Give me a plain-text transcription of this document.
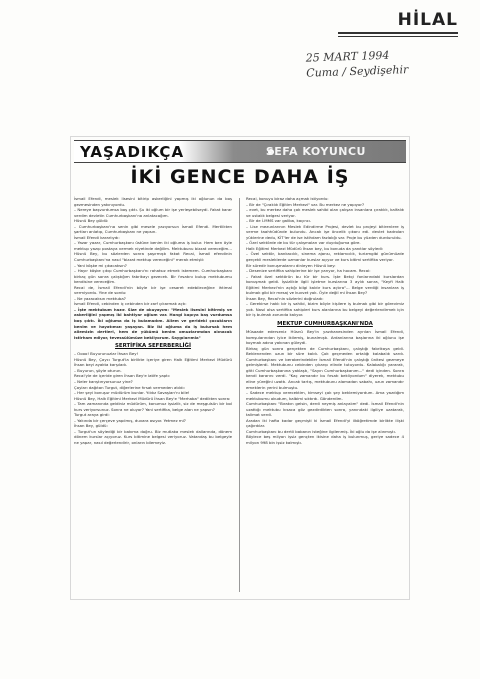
HİLAL
25 MART 1994
Cuma / Seydişehir
YAŞADIKÇA	SEFA KOYUNCU
İKİ GENCE DAHA İŞ

İsmail Efendi, meslek lisesini bitirip askerliğini yapmış iki oğlunun da boş gezmesinden yakınıyordu.

– Nereye başvurdumsa boş çıktı. Şu iki oğlum bir işe yerleşebilseydi. Fakat karar verdim devletin Cumhurbaşkanı'na anlatacağım.

Hüsnü Bey güldü:

– Cumhurbaşkanı'na senin gibi mesele yazıyorsun İsmail Efendi. Mertlikten şartları anlatıp, Cumhurbaşkanı ne yapsın.

İsmail Efendi kararlıydı:

– Yazar yazar, Cumhurbaşkanı üstüne benim iki oğluma iş bulur. Hem ben öyle mektup yazıp postaya vermek niyetinde değilim. Mektubunu bizzat vereceğim... Hüsnü Bey, bu sözlerden sonra şaşırmıştı fakat Recai, İsmail efendinin Cumhurbaşkanı'na nasıl "bizzat mektup vereceğini" merak etmişti:

– Yani köşke mi çıkacaksın?

– Hayır köşke çıkıp Cumhurbaşkanı'nı rahatsız etmek istemem. Cumhurbaşkanı birkaç gün sonra çalıştığım fabrikayı gezecek. Bir fırsatını bulup mektubumu kendisine vereceğim.

Recai de, İsmail Efendi'nin böyle bir işe cesaret edebileceğine ihtimal vermiyordu. Yine de sordu:

– Ne yazacaksın mektuba?

İsmail Efendi, cebinden iç cebinden bir zarf çıkarmak açtı:

– İşte mektubum hazır. Size de okuyayım: "Meslek lisesini bitirmiş ve askerliğini yapmış iki bahtiyar oğlum var. Hangi kapıya baş vurdumsa boş çıktı. İki oğluma da iş bulamadım. Ailem ve gerideki çocukların benim ve hayatımızı yaşayan. Biz iki oğluma da iş bulursak hem ailemizin dertleri, hem de yükümü benim omuzlarımdan alınacak istirham ediyor, tevessülümüze bekliyorum. Saygılarımla"

SERTİFİKA SEFERBERLİĞİ

– Oooo! Buyurunuzlar İhsan Bey!

Hüsnü Bey, Çaycı Turgut'la birlikte içeriye giren Halk Eğitimi Merkezi Müdürü İhsan beyi ayakta karşıladı.

– Buyurun, şöyle oturun.

Recai'yle de içeride giren İhsan Bey'e latife yaptı:

– Neler karıştırıyorsunuz yine?

Çayları dağıtan Turgut, diğerlerine fırsat vermeden atıldı:

– Her şeyi konuşur müdürüm bunlar. Yıldız Savaşları'nı bile!

Hüsnü Bey, Halk Eğitimi Merkezi Müdürü İhsan Bey'e "Merhaba" dedikten sonra:

– Tam zamanında geldiniz müdürüm, konumuz işsizlik, siz de meşgulsün bir bol kurs veriyorsunuz. Sonra ne oluyor? Yani sertifika, belge alan ne yapsın?

Turgut araya girdi:

– Yakında bir çerçeve yapılmış, duvara asıyor. Yetmez mi?

İhsan Bey, güldü:

– Turgut'un söylediği bir bakıma doğru. Biz mutlaka meslek dallarında, dönem dönem kurslar açıyoruz. Kurs bitimine belgesi veriyoruz. Vatandaş bu belgeyle ne yapar, nasıl değerlendirir, onların bilemeyiz.

Recai, konuyu biraz daha açmak istiyordu:

– Bir de "Çıraklık Eğitim Merkezi" var. Bu merkez ne yapıyor?

– evet, bu merkez daha çok meslek sahibi olan çalışan insanlara çıraklık, kalfalık ve ustalık belgesi veriyor.

– Bir de İ.MMS var galiba, kaçıncı.

– Lise mezunlarının Meslek Edindirme Projesi, devlet bu projeyi bitirenlere iş verme taahhüdünde bulundu. Ancak işe öncelik çıkanı edi. devlet kadroları yüklerine dedu, KİT'ler de ise istihdam fazlalığı var. Proje bu yüzden durduruldu.

– Özel sektörde de bu tür çalışmaları var duyduğuma göre.

Halk Eğitimi Merkezi Müdürü İhsan bey, bu konuda da yanıtlar söyledi:

– Özel sektör, bankacılık, sinema ajansı, reklamcılık, turizmgibi günümüzde gerçekli mesleklerde uzmanlar kurslar açıyor ve kurs bitimi sertifika veriyor.

Bir süredir konuşmalarını dinleyen Hüsnü bey:

– Desenize sertifika sahiplerine bir işe yarıyor, ha hocam. Recai:

– Fakat özel sektörün bu tür bir kurs. İşte Bekçi fonlarındaki kurslardan konuşmak geldi. İşsizlikle ilgili işletme kurslarına 3 aylık sonra, "Keyfi Halk Eğitimi Merkezi'nin açtığı bilgi kaldır kurs açtıra"... Belge verdiği insanlara iş bulmak gibi bir mesaj ve kuvvet yok. Öyle değil mi İhsan Bey?

İhsan Bey, Recai'nin sözlerini doğruladı:

– Gerekirse haklı bir iş sahibi, bizim böyle kişilere iş bulmak gibi bir görevimiz yok. Nasıl olsa sertifika sahipleri kurs alanlarına bu belgeyi değerlendirmek için bir iş bulmak zorunda kalıyor.

MEKTUP CUMHURBAŞKANI'NDA

Müsaade ederseniz Hüsnü Bey'in yazıhanesinden ayrılan İsmail Efendi, komşularından iyice ikilemiş, bunalmıştı. Ardanlarına başlarına iki oğlunu işe koymak adına yakınan güleydi.

Birkaç gün sonra gerçekten de Cumhurbaşkanı, çalıştığı fabrikaya geldi. Beklenenden uzun bir süre kaldı. Çok geçmeden ortalığı kalabalık sardı. Cumhurbaşkanı ve beraberindekiler İsmail Efendi'nin çalıştığı ünitesi gezmeye gelmişlerdi. Mektubunu cebinden çıkarıp elinde tutuyordu. Kalabalığı yararak, gitti Cumhurbaşkanına yaklaştı, "Sayın Cumhurbaşkanım..." dedi içinden. Sonra kendi kararını verdi. "Kaç zamandır bu fırsatı bekliyordum" diyerek, mektubu eline yüreğini uzattı. Ancak tartış, mektubunu alamadan sabahı, uzun zamandır emeklerin yerini bulmuştu.

– Sadece mektup verecektim, kimseyi çok şey beklemiyordum. Ama yazdığım mektubumu okudum, kalbimi sıktırdı. Gönderdim.

Cumhurbaşkanı "Bırakın gelsin, derdi neymiş anlayalım" dedi. İsmail Efendi'nin uzattığı mektubu kısaca göz gezdirdikten sonra, yanındaki ilgiliye uzatarak, talimat verdi.

Aradan iki hafta kadar geçmişti ki İsmail Efendi'yi ilköğretimde birlikte ilişki çağırdılar.

Cumhurbaşkanı bu dertli babanın isteğine ilgilenmiş. İki oğlu da işe alınmıştı.

Böylece beş milyon işsiz gençten ikisine daha iş bulunmuş, geriye sadece 4 milyon 998 bin işsiz kalmıştı.
